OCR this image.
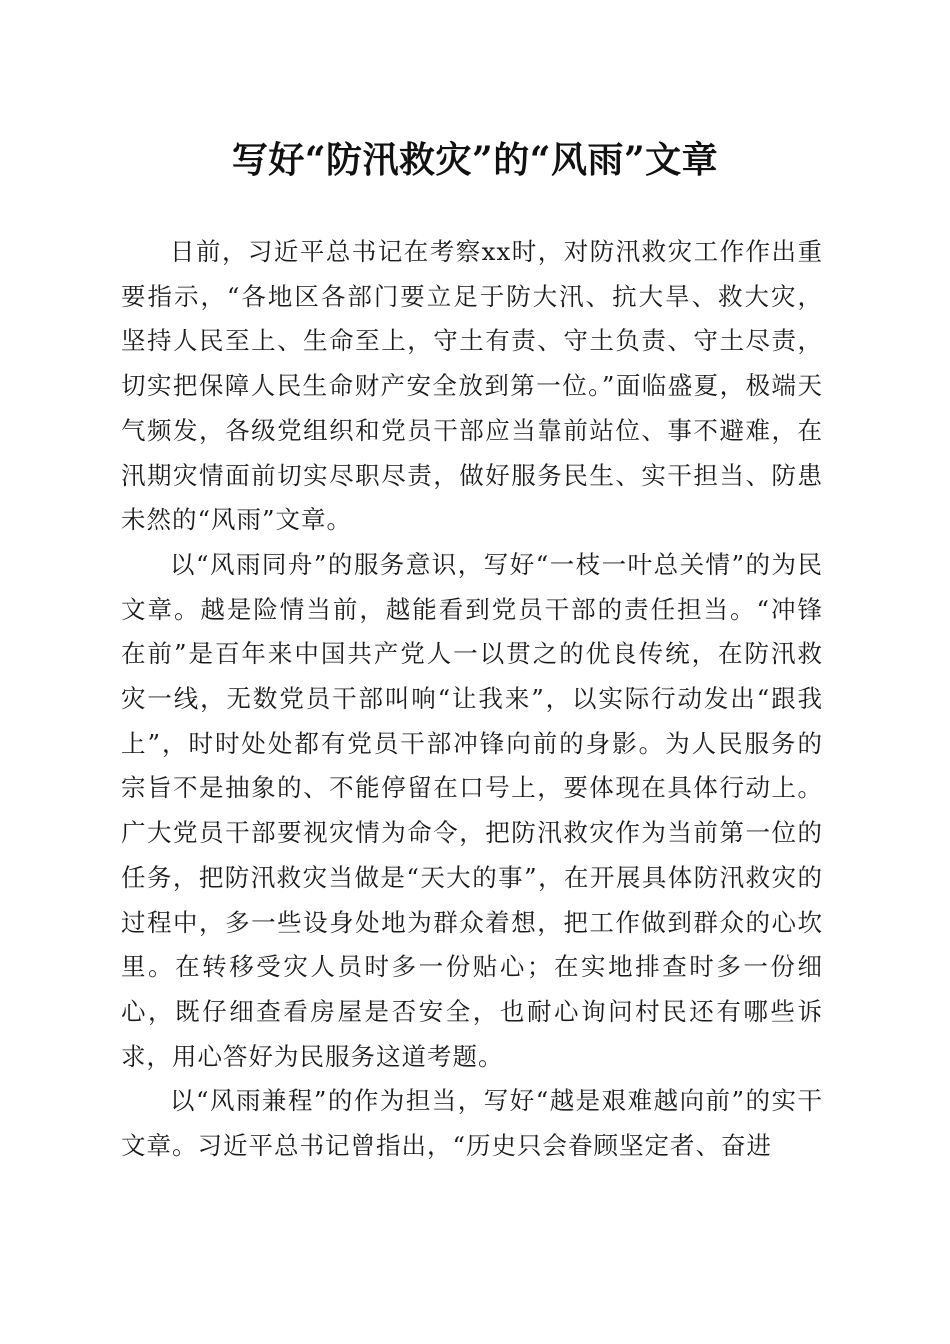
写好“防汛救灾”的“风雨”文章

日前，习近平总书记在考察xx时，对防汛救灾工作作出重要指示，“各地区各部门要立足于防大汛、抗大旱、救大灾，坚持人民至上、生命至上，守土有责、守土负责、守土尽责，切实把保障人民生命财产安全放到第一位。”面临盛夏，极端天气频发，各级党组织和党员干部应当靠前站位、事不避难，在汛期灾情面前切实尽职尽责，做好服务民生、实干担当、防患未然的“风雨”文章。

以“风雨同舟”的服务意识，写好“一枝一叶总关情”的为民文章。越是险情当前，越能看到党员干部的责任担当。“冲锋在前”是百年来中国共产党人一以贯之的优良传统，在防汛救灾一线，无数党员干部叫响“让我来”，以实际行动发出“跟我上”，时时处处都有党员干部冲锋向前的身影。为人民服务的宗旨不是抽象的、不能停留在口号上，要体现在具体行动上。广大党员干部要视灾情为命令，把防汛救灾作为当前第一位的任务，把防汛救灾当做是“天大的事”，在开展具体防汛救灾的过程中，多一些设身处地为群众着想，把工作做到群众的心坎里。在转移受灾人员时多一份贴心；在实地排查时多一份细心，既仔细查看房屋是否安全，也耐心询问村民还有哪些诉求，用心答好为民服务这道考题。

以“风雨兼程”的作为担当，写好“越是艰难越向前”的实干文章。习近平总书记曾指出，“历史只会眷顾坚定者、奋进
